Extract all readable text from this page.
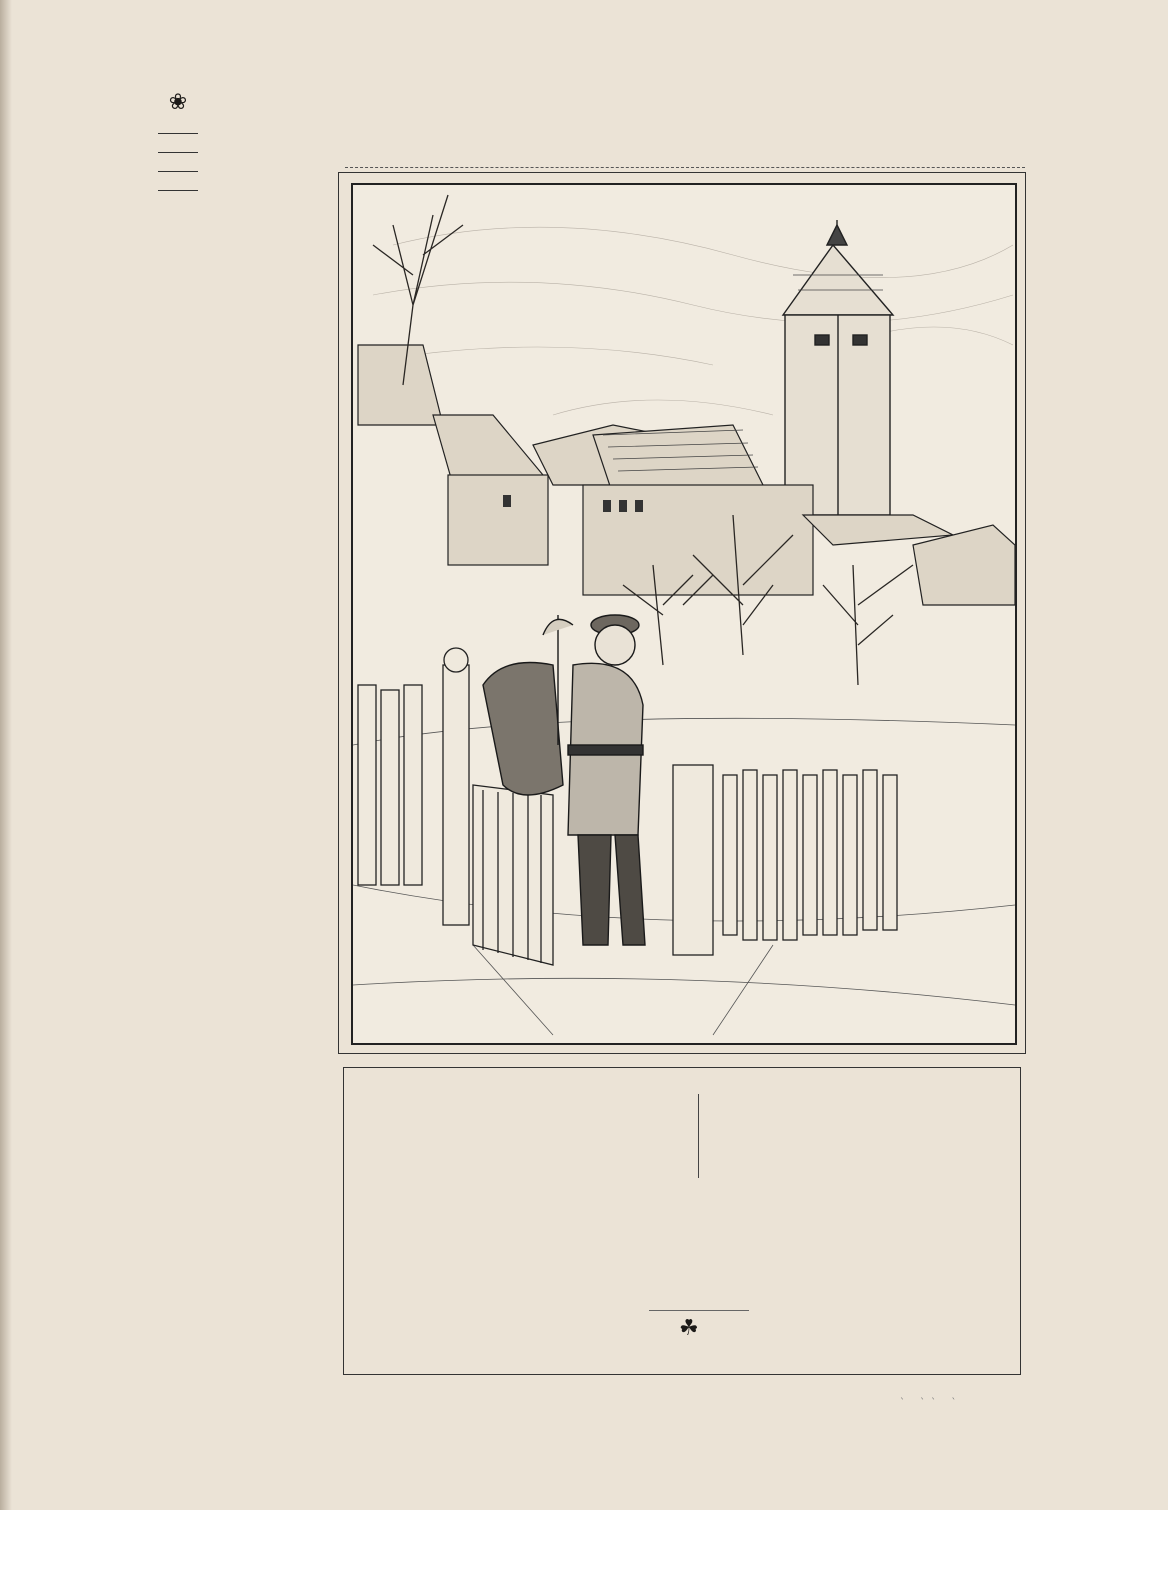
❀

☘
` `` `
